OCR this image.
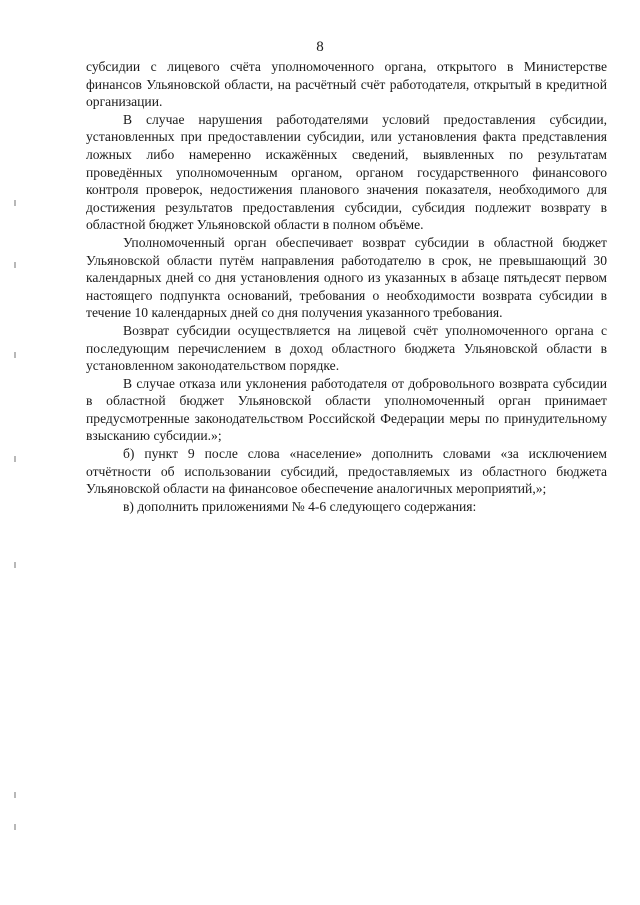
8

субсидии с лицевого счёта уполномоченного органа, открытого в Министерстве финансов Ульяновской области, на расчётный счёт работодателя, открытый в кредитной организации.

В случае нарушения работодателями условий предоставления субсидии, установленных при предоставлении субсидии, или установления факта представления ложных либо намеренно искажённых сведений, выявленных по результатам проведённых уполномоченным органом, органом государственного финансового контроля проверок, недостижения планового значения показателя, необходимого для достижения результатов предоставления субсидии, субсидия подлежит возврату в областной бюджет Ульяновской области в полном объёме.

Уполномоченный орган обеспечивает возврат субсидии в областной бюджет Ульяновской области путём направления работодателю в срок, не превышающий 30 календарных дней со дня установления одного из указанных в абзаце пятьдесят первом настоящего подпункта оснований, требования о необходимости возврата субсидии в течение 10 календарных дней со дня получения указанного требования.

Возврат субсидии осуществляется на лицевой счёт уполномоченного органа с последующим перечислением в доход областного бюджета Ульяновской области в установленном законодательством порядке.

В случае отказа или уклонения работодателя от добровольного возврата субсидии в областной бюджет Ульяновской области уполномоченный орган принимает предусмотренные законодательством Российской Федерации меры по принудительному взысканию субсидии.»;

б) пункт 9 после слова «население» дополнить словами «за исключением отчётности об использовании субсидий, предоставляемых из областного бюджета Ульяновской области на финансовое обеспечение аналогичных мероприятий,»;

в) дополнить приложениями № 4-6 следующего содержания:
